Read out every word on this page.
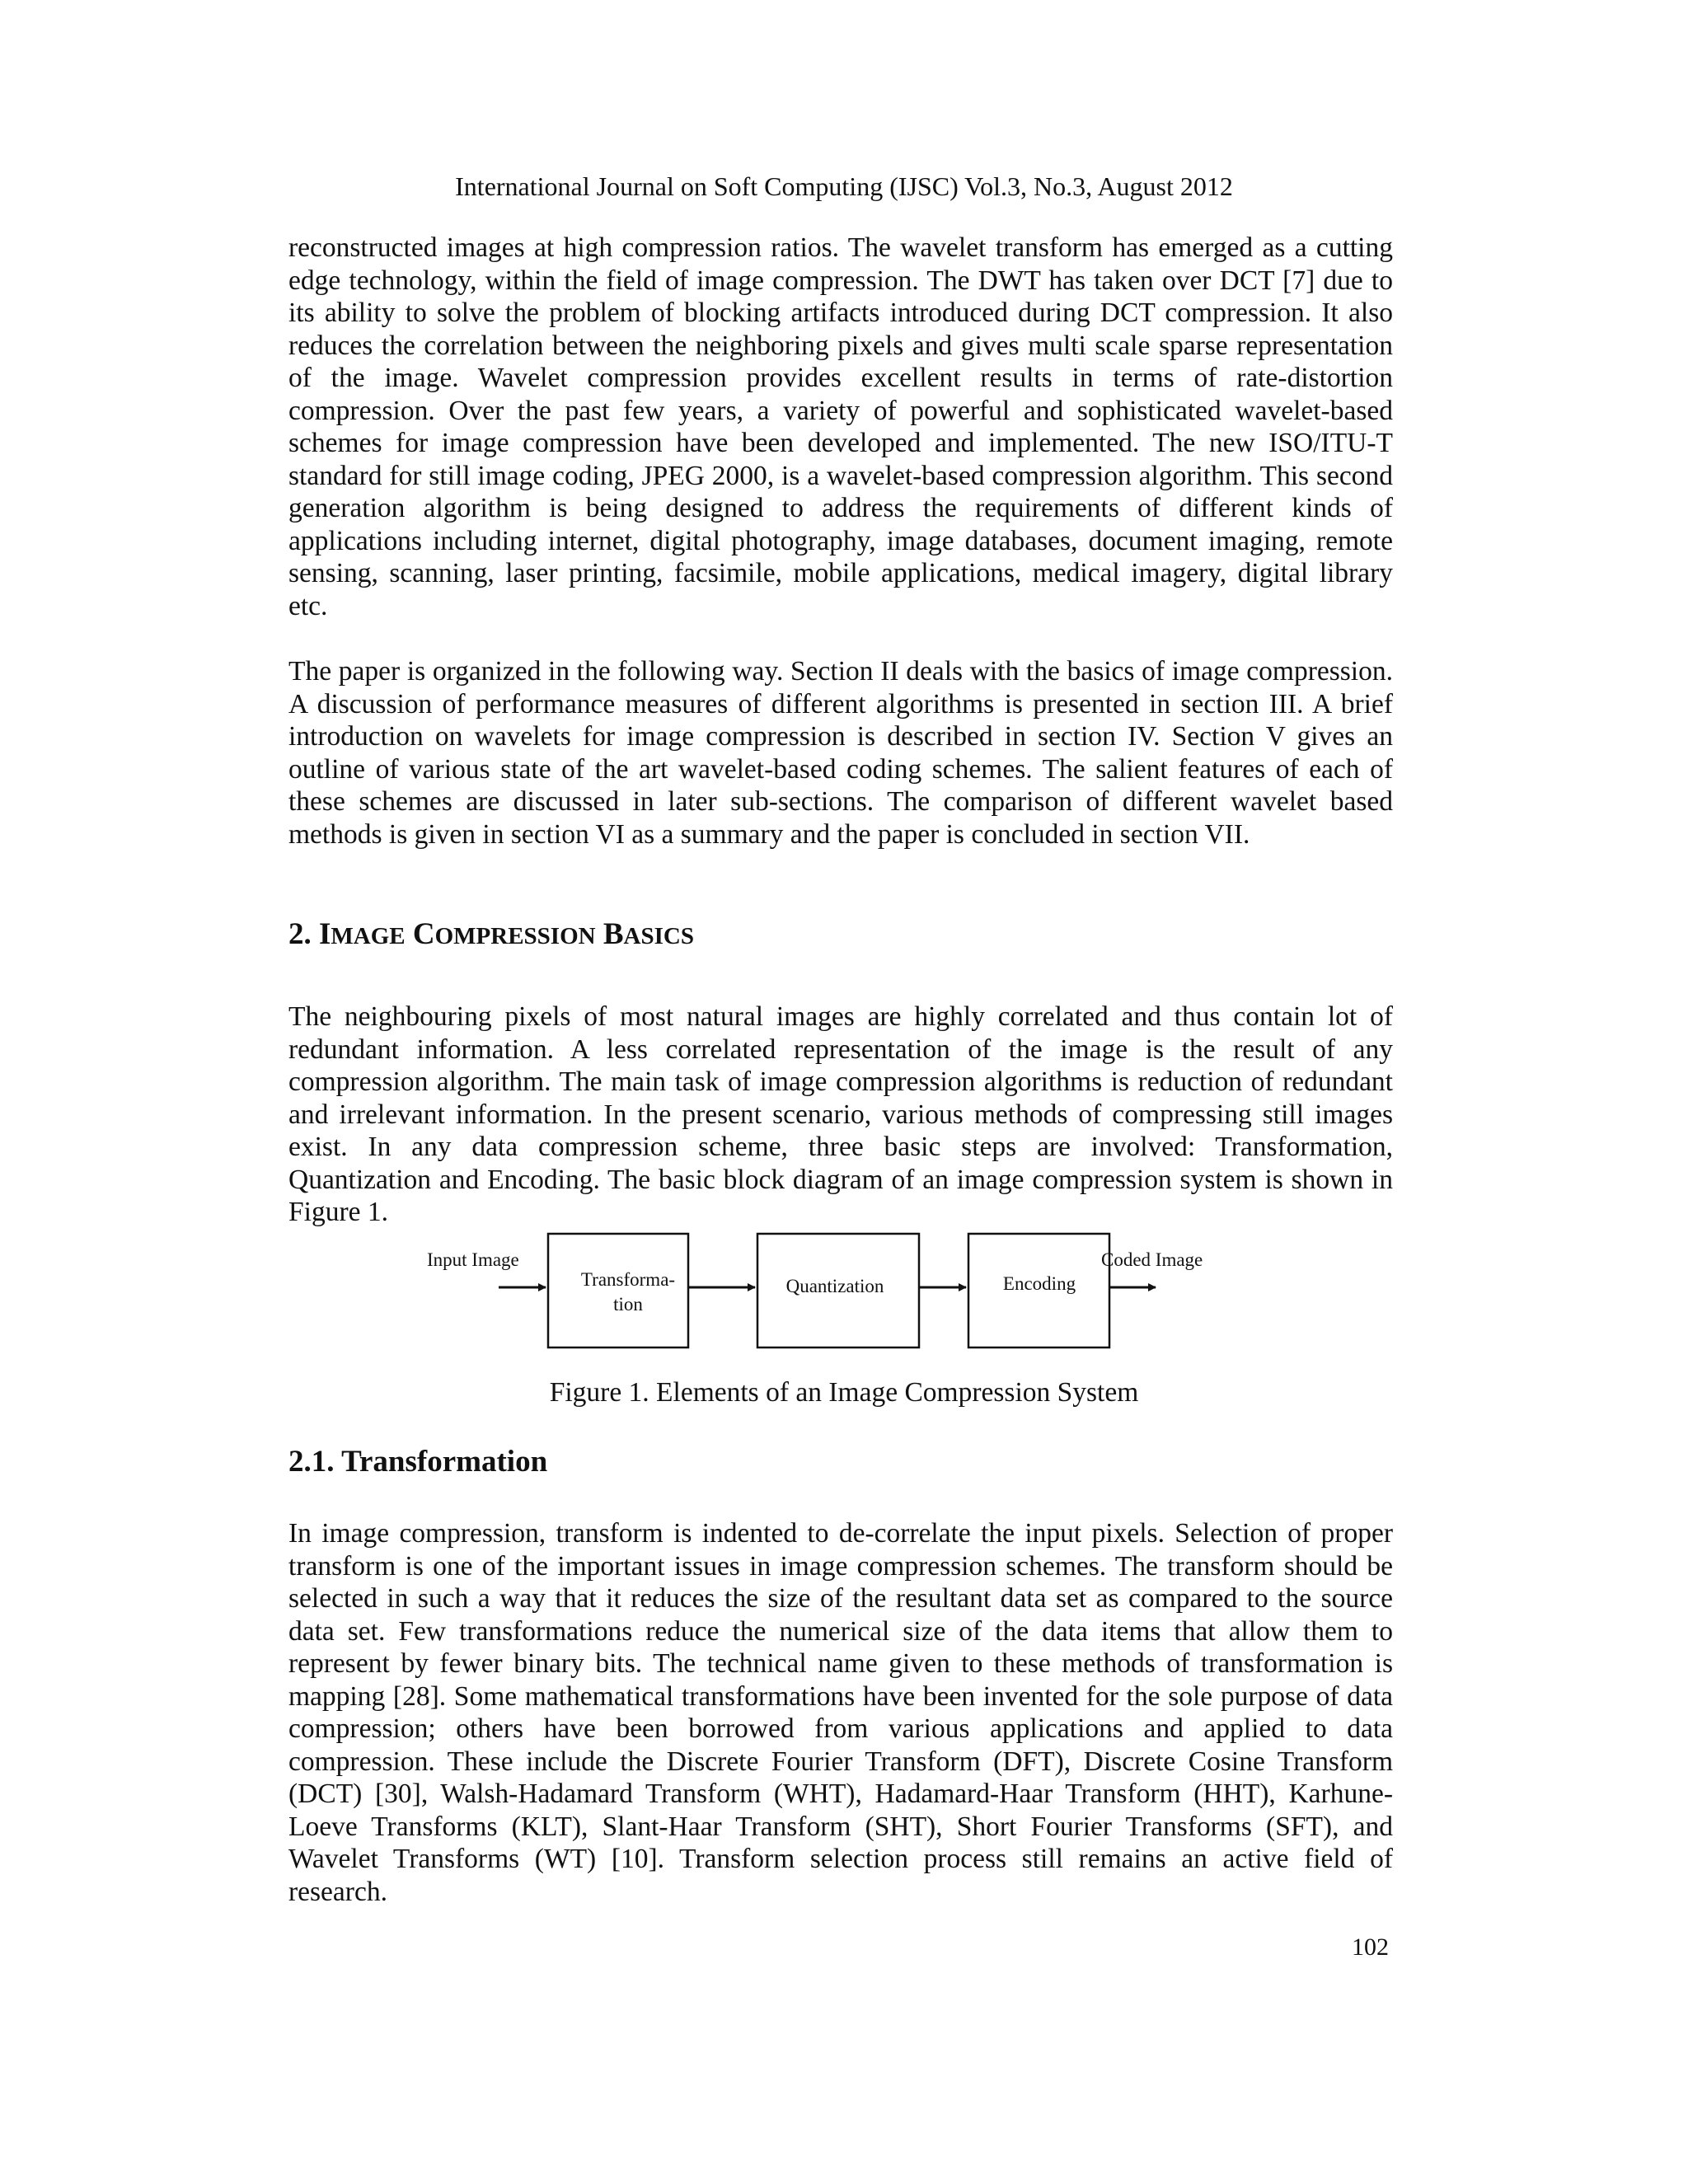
International Journal on Soft Computing (IJSC) Vol.3, No.3, August 2012

reconstructed images at high compression ratios. The wavelet transform has emerged as a cutting edge technology, within the field of image compression. The DWT has taken over DCT [7] due to its ability to solve the problem of blocking artifacts introduced during DCT compression. It also reduces the correlation between the neighboring pixels and gives multi scale sparse representation of the image. Wavelet compression provides excellent results in terms of rate-distortion compression. Over the past few years, a variety of powerful and sophisticated wavelet-based schemes for image compression have been developed and implemented. The new ISO/ITU-T standard for still image coding, JPEG 2000, is a wavelet-based compression algorithm. This second generation algorithm is being designed to address the requirements of different kinds of applications including internet, digital photography, image databases, document imaging, remote sensing, scanning, laser printing, facsimile, mobile applications, medical imagery, digital library etc.

The paper is organized in the following way. Section II deals with the basics of image compression. A discussion of performance measures of different algorithms is presented in section III. A brief introduction on wavelets for image compression is described in section IV. Section V gives an outline of various state of the art wavelet-based coding schemes. The salient features of each of these schemes are discussed in later sub-sections. The comparison of different wavelet based methods is given in section VI as a summary and the paper is concluded in section VII.

2. IMAGE COMPRESSION BASICS

The neighbouring pixels of most natural images are highly correlated and thus contain lot of redundant information. A less correlated representation of the image is the result of any compression algorithm. The main task of image compression algorithms is reduction of redundant and irrelevant information. In the present scenario, various methods of compressing still images exist. In any data compression scheme, three basic steps are involved: Transformation, Quantization and Encoding. The basic block diagram of an image compression system is shown in Figure 1.

Input Image
Transforma-
tion
Quantization	Encoding
Coded Image
Figure 1. Elements of an Image Compression System
2.1. Transformation

In image compression, transform is indented to de-correlate the input pixels. Selection of proper transform is one of the important issues in image compression schemes. The transform should be selected in such a way that it reduces the size of the resultant data set as compared to the source data set. Few transformations reduce the numerical size of the data items that allow them to represent by fewer binary bits. The technical name given to these methods of transformation is mapping [28]. Some mathematical transformations have been invented for the sole purpose of data compression; others have been borrowed from various applications and applied to data compression. These include the Discrete Fourier Transform (DFT), Discrete Cosine Transform (DCT) [30], Walsh-Hadamard Transform (WHT), Hadamard-Haar Transform (HHT), Karhune-Loeve Transforms (KLT), Slant-Haar Transform (SHT), Short Fourier Transforms (SFT), and Wavelet Transforms (WT) [10]. Transform selection process still remains an active field of research.

102
